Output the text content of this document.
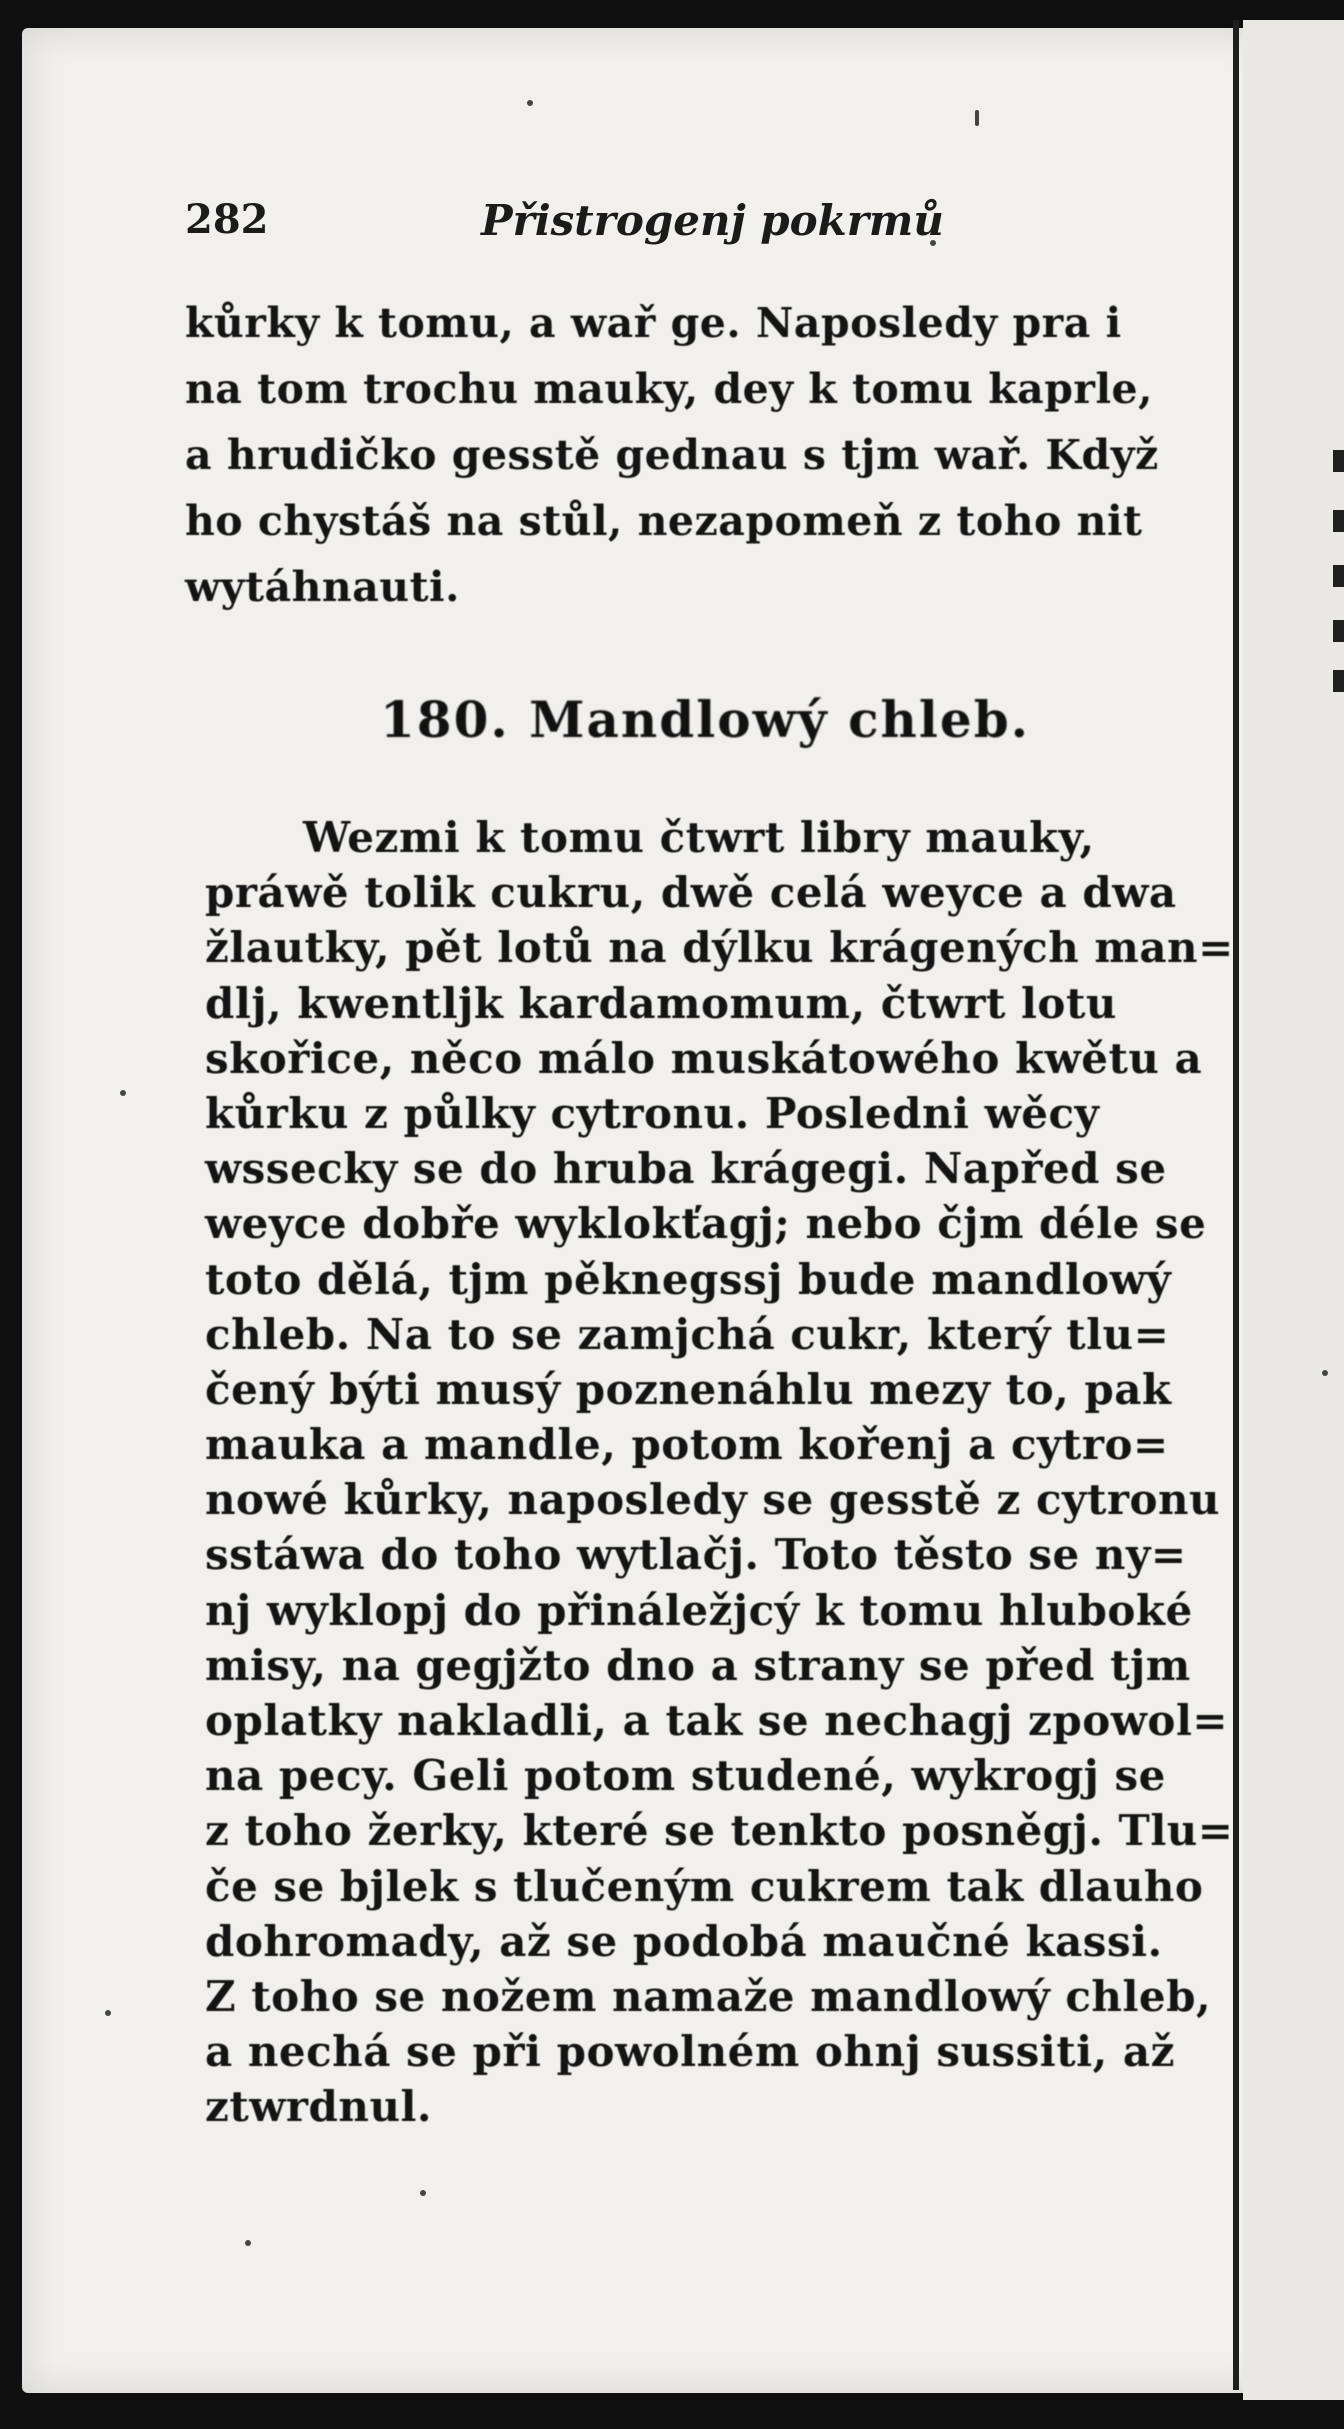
282	Přistrogenj pokrmů
kůrky k tomu, a wař ge. Naposledy pra i
na tom trochu mauky, dey k tomu kaprle,
a hrudičko gesstě gednau s tjm wař. Když
ho chystáš na stůl, nezapomeň z toho nit
wytáhnauti.
180. Mandlowý chleb.
Wezmi k tomu čtwrt libry mauky,
práwě tolik cukru, dwě celá weyce a dwa
žlautky, pět lotů na dýlku krágených man=
dlj, kwentljk kardamomum, čtwrt lotu
skořice, něco málo muskátowého kwětu a
kůrku z půlky cytronu. Posledni wěcy
wssecky se do hruba krágegi. Napřed se
weyce dobře wyklokťagj; nebo čjm déle se
toto dělá, tjm pěknegssj bude mandlowý
chleb. Na to se zamjchá cukr, který tlu=
čený býti musý poznenáhlu mezy to, pak
mauka a mandle, potom kořenj a cytro=
nowé kůrky, naposledy se gesstě z cytronu
sstáwa do toho wytlačj. Toto těsto se ny=
nj wyklopj do přináležjcý k tomu hluboké
misy, na gegjžto dno a strany se před tjm
oplatky nakladli, a tak se nechagj zpowol=
na pecy. Geli potom studené, wykrogj se
z toho žerky, které se tenkto posněgj. Tlu=
če se bjlek s tlučeným cukrem tak dlauho
dohromady, až se podobá maučné kassi.
Z toho se nožem namaže mandlowý chleb,
a nechá se při powolném ohnj sussiti, až
ztwrdnul.
